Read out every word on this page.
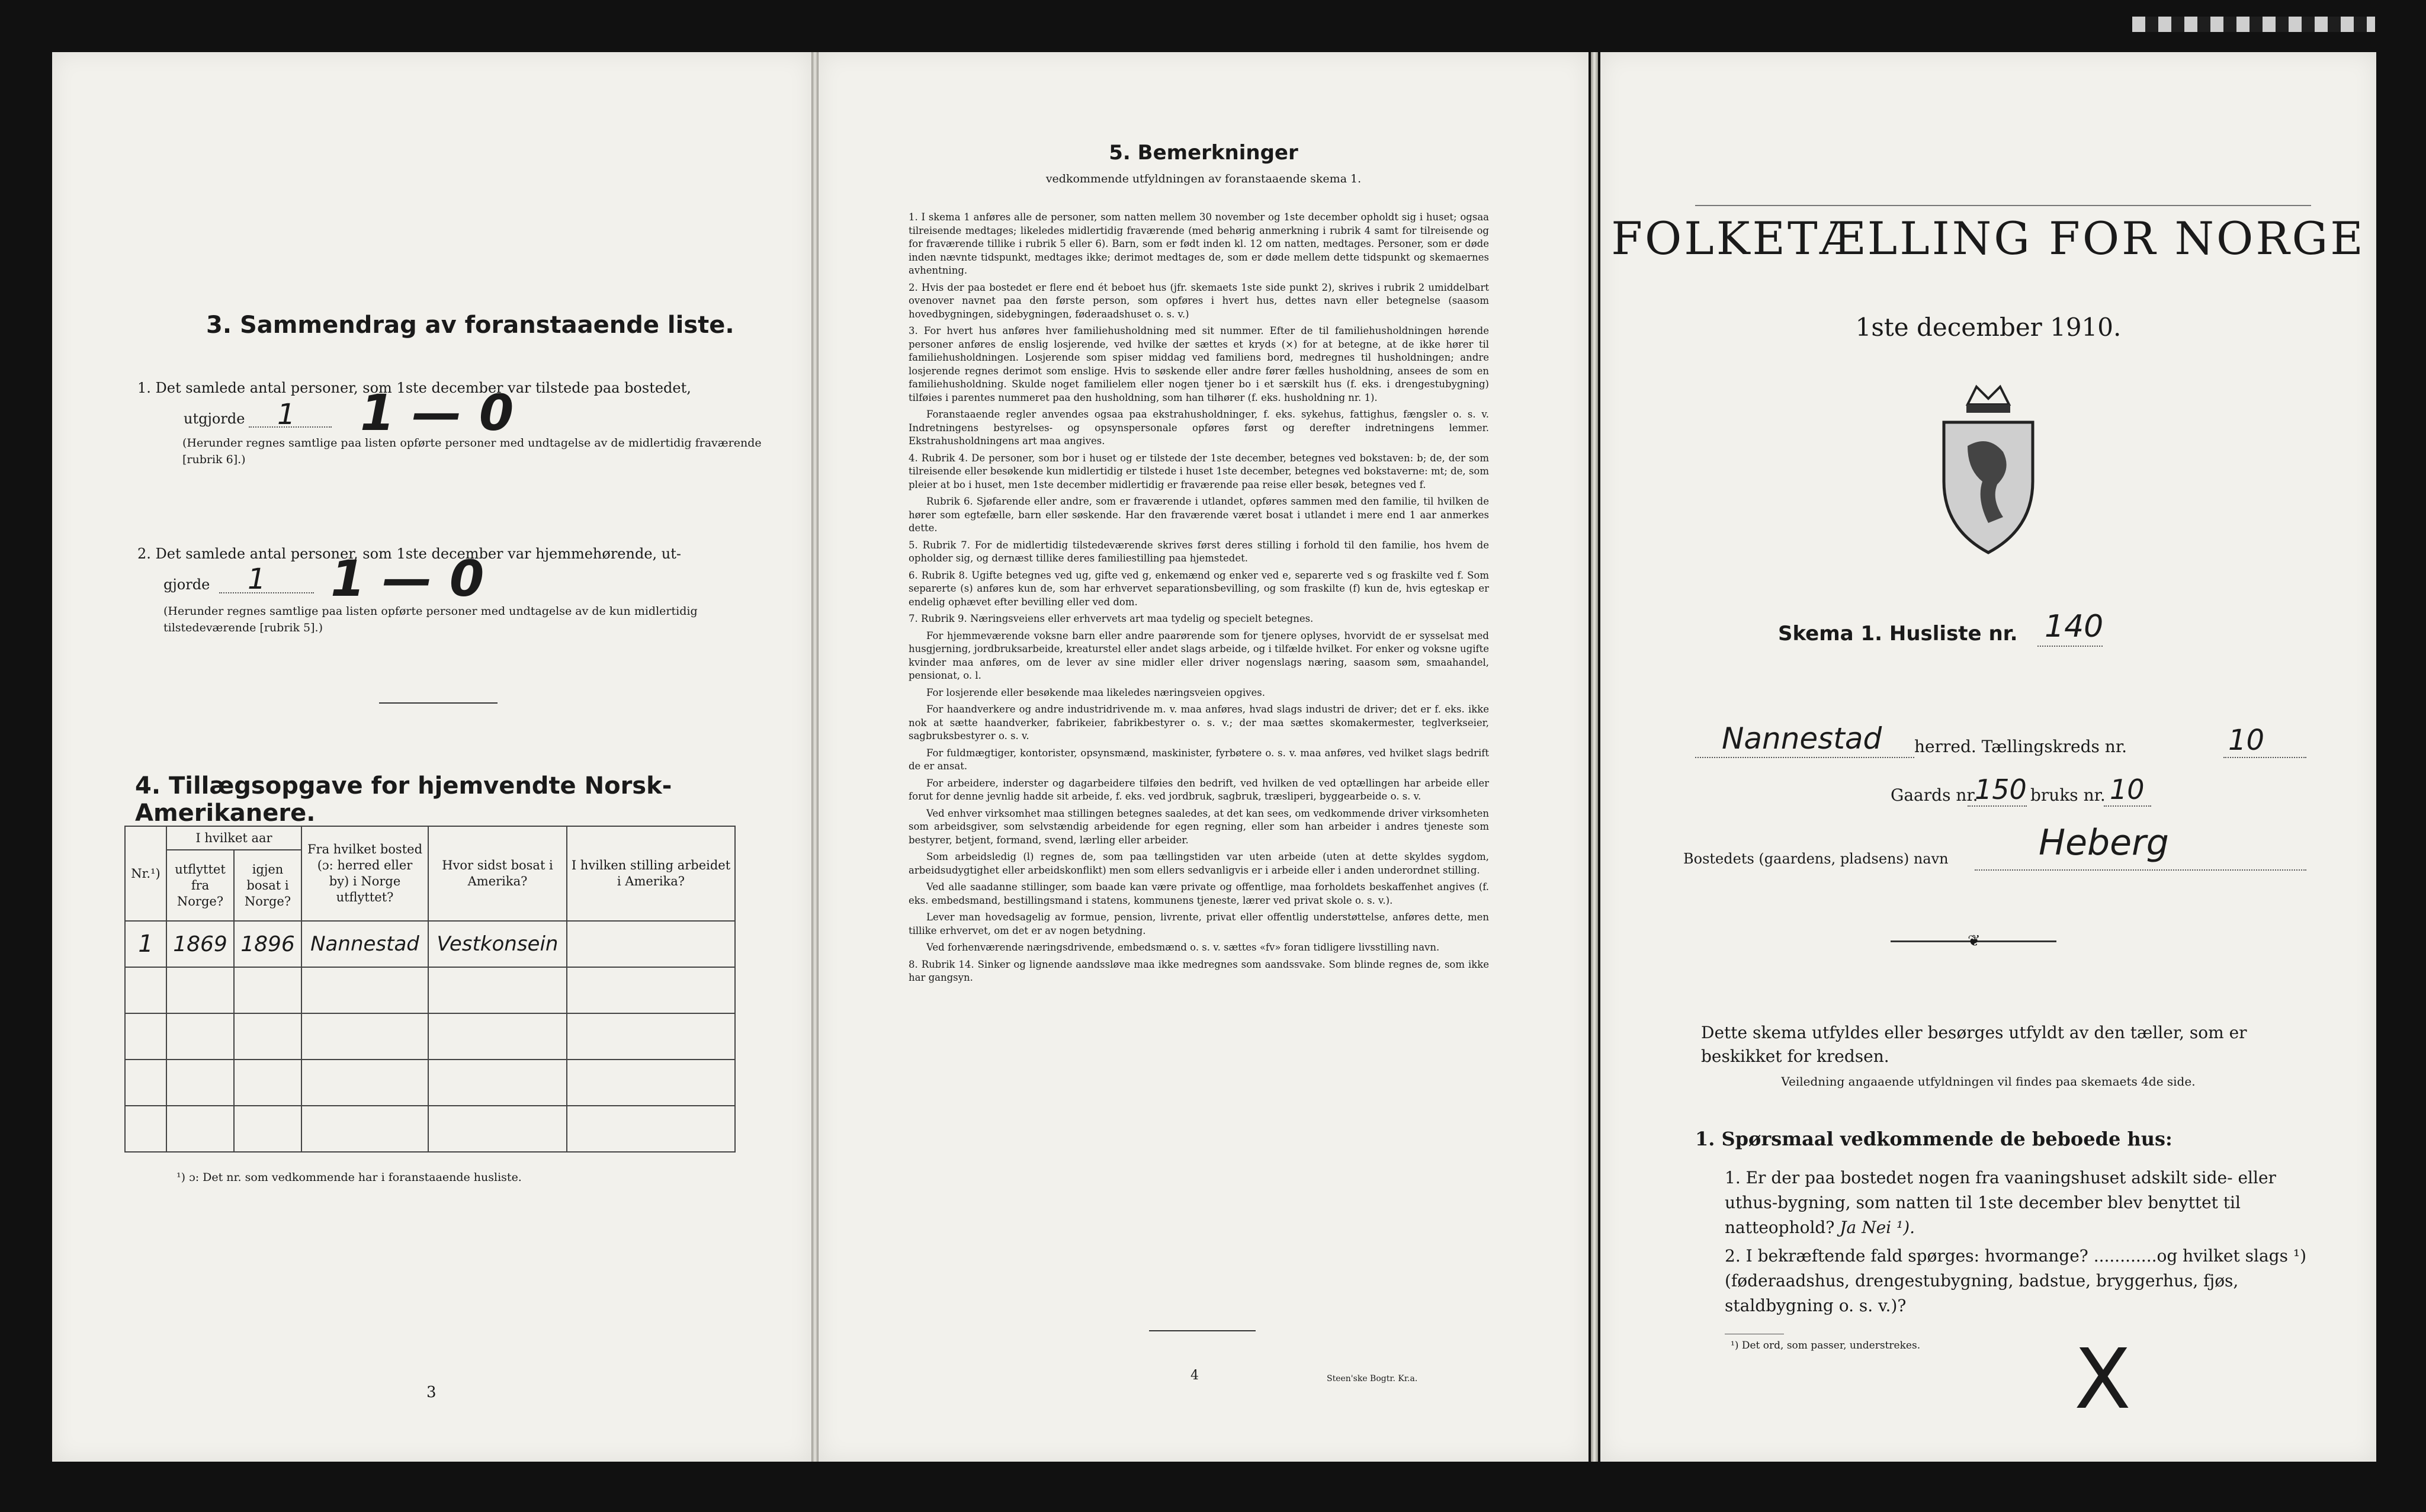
3. Sammendrag av foranstaaende liste.
1. Det samlede antal personer, som 1ste december var tilstede paa bostedet,
utgjorde 1 1 — 0
(Herunder regnes samtlige paa listen opførte personer med undtagelse av de midlertidig fraværende [rubrik 6].)
2. Det samlede antal personer, som 1ste december var hjemmehørende, ut-
gjorde 1 1 — 0
(Herunder regnes samtlige paa listen opførte personer med undtagelse av de kun midlertidig tilstedeværende [rubrik 5].)
4. Tillægsopgave for hjemvendte Norsk-Amerikanere.
Nr.¹)	I hvilket aar		Fra hvilket bosted (ɔ: herred eller by) i Norge utflyttet?	Hvor sidst bosat i Amerika?	I hvilken stilling arbeidet i Amerika?
	utflyttet fra Norge?	igjen bosat i Norge?			
1	1869	1896	Nannestad	Vestkonsein	

¹) ɔ: Det nr. som vedkommende har i foranstaaende husliste.
3
5. Bemerkninger
vedkommende utfyldningen av foranstaaende skema 1.

1. I skema 1 anføres alle de personer, som natten mellem 30 november og 1ste december opholdt sig i huset; ogsaa tilreisende medtages; likeledes midlertidig fraværende (med behørig anmerkning i rubrik 4 samt for tilreisende og for fraværende tillike i rubrik 5 eller 6). Barn, som er født inden kl. 12 om natten, medtages. Personer, som er døde inden nævnte tidspunkt, medtages ikke; derimot medtages de, som er døde mellem dette tidspunkt og skemaernes avhentning.

2. Hvis der paa bostedet er flere end ét beboet hus (jfr. skemaets 1ste side punkt 2), skrives i rubrik 2 umiddelbart ovenover navnet paa den første person, som opføres i hvert hus, dettes navn eller betegnelse (saasom hovedbygningen, sidebygningen, føderaadshuset o. s. v.)

3. For hvert hus anføres hver familiehusholdning med sit nummer. Efter de til familiehusholdningen hørende personer anføres de enslig losjerende, ved hvilke der sættes et kryds (×) for at betegne, at de ikke hører til familiehusholdningen. Losjerende som spiser middag ved familiens bord, medregnes til husholdningen; andre losjerende regnes derimot som enslige. Hvis to søskende eller andre fører fælles husholdning, ansees de som en familiehusholdning. Skulde noget familielem eller nogen tjener bo i et særskilt hus (f. eks. i drengestubygning) tilføies i parentes nummeret paa den husholdning, som han tilhører (f. eks. husholdning nr. 1).

Foranstaaende regler anvendes ogsaa paa ekstrahusholdninger, f. eks. sykehus, fattighus, fængsler o. s. v. Indretningens bestyrelses- og opsynspersonale opføres først og derefter indretningens lemmer. Ekstrahusholdningens art maa angives.

4. Rubrik 4. De personer, som bor i huset og er tilstede der 1ste december, betegnes ved bokstaven: b; de, der som tilreisende eller besøkende kun midlertidig er tilstede i huset 1ste december, betegnes ved bokstaverne: mt; de, som pleier at bo i huset, men 1ste december midlertidig er fraværende paa reise eller besøk, betegnes ved f.

Rubrik 6. Sjøfarende eller andre, som er fraværende i utlandet, opføres sammen med den familie, til hvilken de hører som egtefælle, barn eller søskende. Har den fraværende været bosat i utlandet i mere end 1 aar anmerkes dette.

5. Rubrik 7. For de midlertidig tilstedeværende skrives først deres stilling i forhold til den familie, hos hvem de opholder sig, og dernæst tillike deres familiestilling paa hjemstedet.

6. Rubrik 8. Ugifte betegnes ved ug, gifte ved g, enkemænd og enker ved e, separerte ved s og fraskilte ved f. Som separerte (s) anføres kun de, som har erhvervet separationsbevilling, og som fraskilte (f) kun de, hvis egteskap er endelig ophævet efter bevilling eller ved dom.

7. Rubrik 9. Næringsveiens eller erhvervets art maa tydelig og specielt betegnes.

For hjemmeværende voksne barn eller andre paarørende som for tjenere oplyses, hvorvidt de er sysselsat med husgjerning, jordbruksarbeide, kreaturstel eller andet slags arbeide, og i tilfælde hvilket. For enker og voksne ugifte kvinder maa anføres, om de lever av sine midler eller driver nogenslags næring, saasom søm, smaahandel, pensionat, o. l.

For losjerende eller besøkende maa likeledes næringsveien opgives.

For haandverkere og andre industridrivende m. v. maa anføres, hvad slags industri de driver; det er f. eks. ikke nok at sætte haandverker, fabrikeier, fabrikbestyrer o. s. v.; der maa sættes skomakermester, teglverkseier, sagbruksbestyrer o. s. v.

For fuldmægtiger, kontorister, opsynsmænd, maskinister, fyrbøtere o. s. v. maa anføres, ved hvilket slags bedrift de er ansat.

For arbeidere, inderster og dagarbeidere tilføies den bedrift, ved hvilken de ved optællingen har arbeide eller forut for denne jevnlig hadde sit arbeide, f. eks. ved jordbruk, sagbruk, træsliperi, byggearbeide o. s. v.

Ved enhver virksomhet maa stillingen betegnes saaledes, at det kan sees, om vedkommende driver virksomheten som arbeidsgiver, som selvstændig arbeidende for egen regning, eller som han arbeider i andres tjeneste som bestyrer, betjent, formand, svend, lærling eller arbeider.

Som arbeidsledig (l) regnes de, som paa tællingstiden var uten arbeide (uten at dette skyldes sygdom, arbeidsudygtighet eller arbeidskonflikt) men som ellers sedvanligvis er i arbeide eller i anden underordnet stilling.

Ved alle saadanne stillinger, som baade kan være private og offentlige, maa forholdets beskaffenhet angives (f. eks. embedsmand, bestillingsmand i statens, kommunens tjeneste, lærer ved privat skole o. s. v.).

Lever man hovedsagelig av formue, pension, livrente, privat eller offentlig understøttelse, anføres dette, men tillike erhvervet, om det er av nogen betydning.

Ved forhenværende næringsdrivende, embedsmænd o. s. v. sættes «fv» foran tidligere livsstilling navn.

8. Rubrik 14. Sinker og lignende aandssløve maa ikke medregnes som aandssvake. Som blinde regnes de, som ikke har gangsyn.

4	Steen'ske Bogtr. Kr.a.
FOLKETÆLLING FOR NORGE
1ste december 1910.
Skema 1. Husliste nr. 140
Nannestad herred. Tællingskreds nr.	10
Gaards nr.
150 bruks nr. 10
Bostedets (gaardens, pladsens) navn	Heberg
❦
Dette skema utfyldes eller besørges utfyldt av den tæller, som er beskikket for kredsen.
Veiledning angaaende utfyldningen vil findes paa skemaets 4de side.
1. Spørsmaal vedkommende de beboede hus:
1. Er der paa bostedet nogen fra vaaningshuset adskilt side- eller uthus-bygning, som natten til 1ste december blev benyttet til natteophold? Ja Nei ¹).
2. I bekræftende fald spørges: hvormange? ............og hvilket slags ¹) (føderaadshus, drengestubygning, badstue, bryggerhus, fjøs, staldbygning o. s. v.)?
¹) Det ord, som passer, understrekes. X
